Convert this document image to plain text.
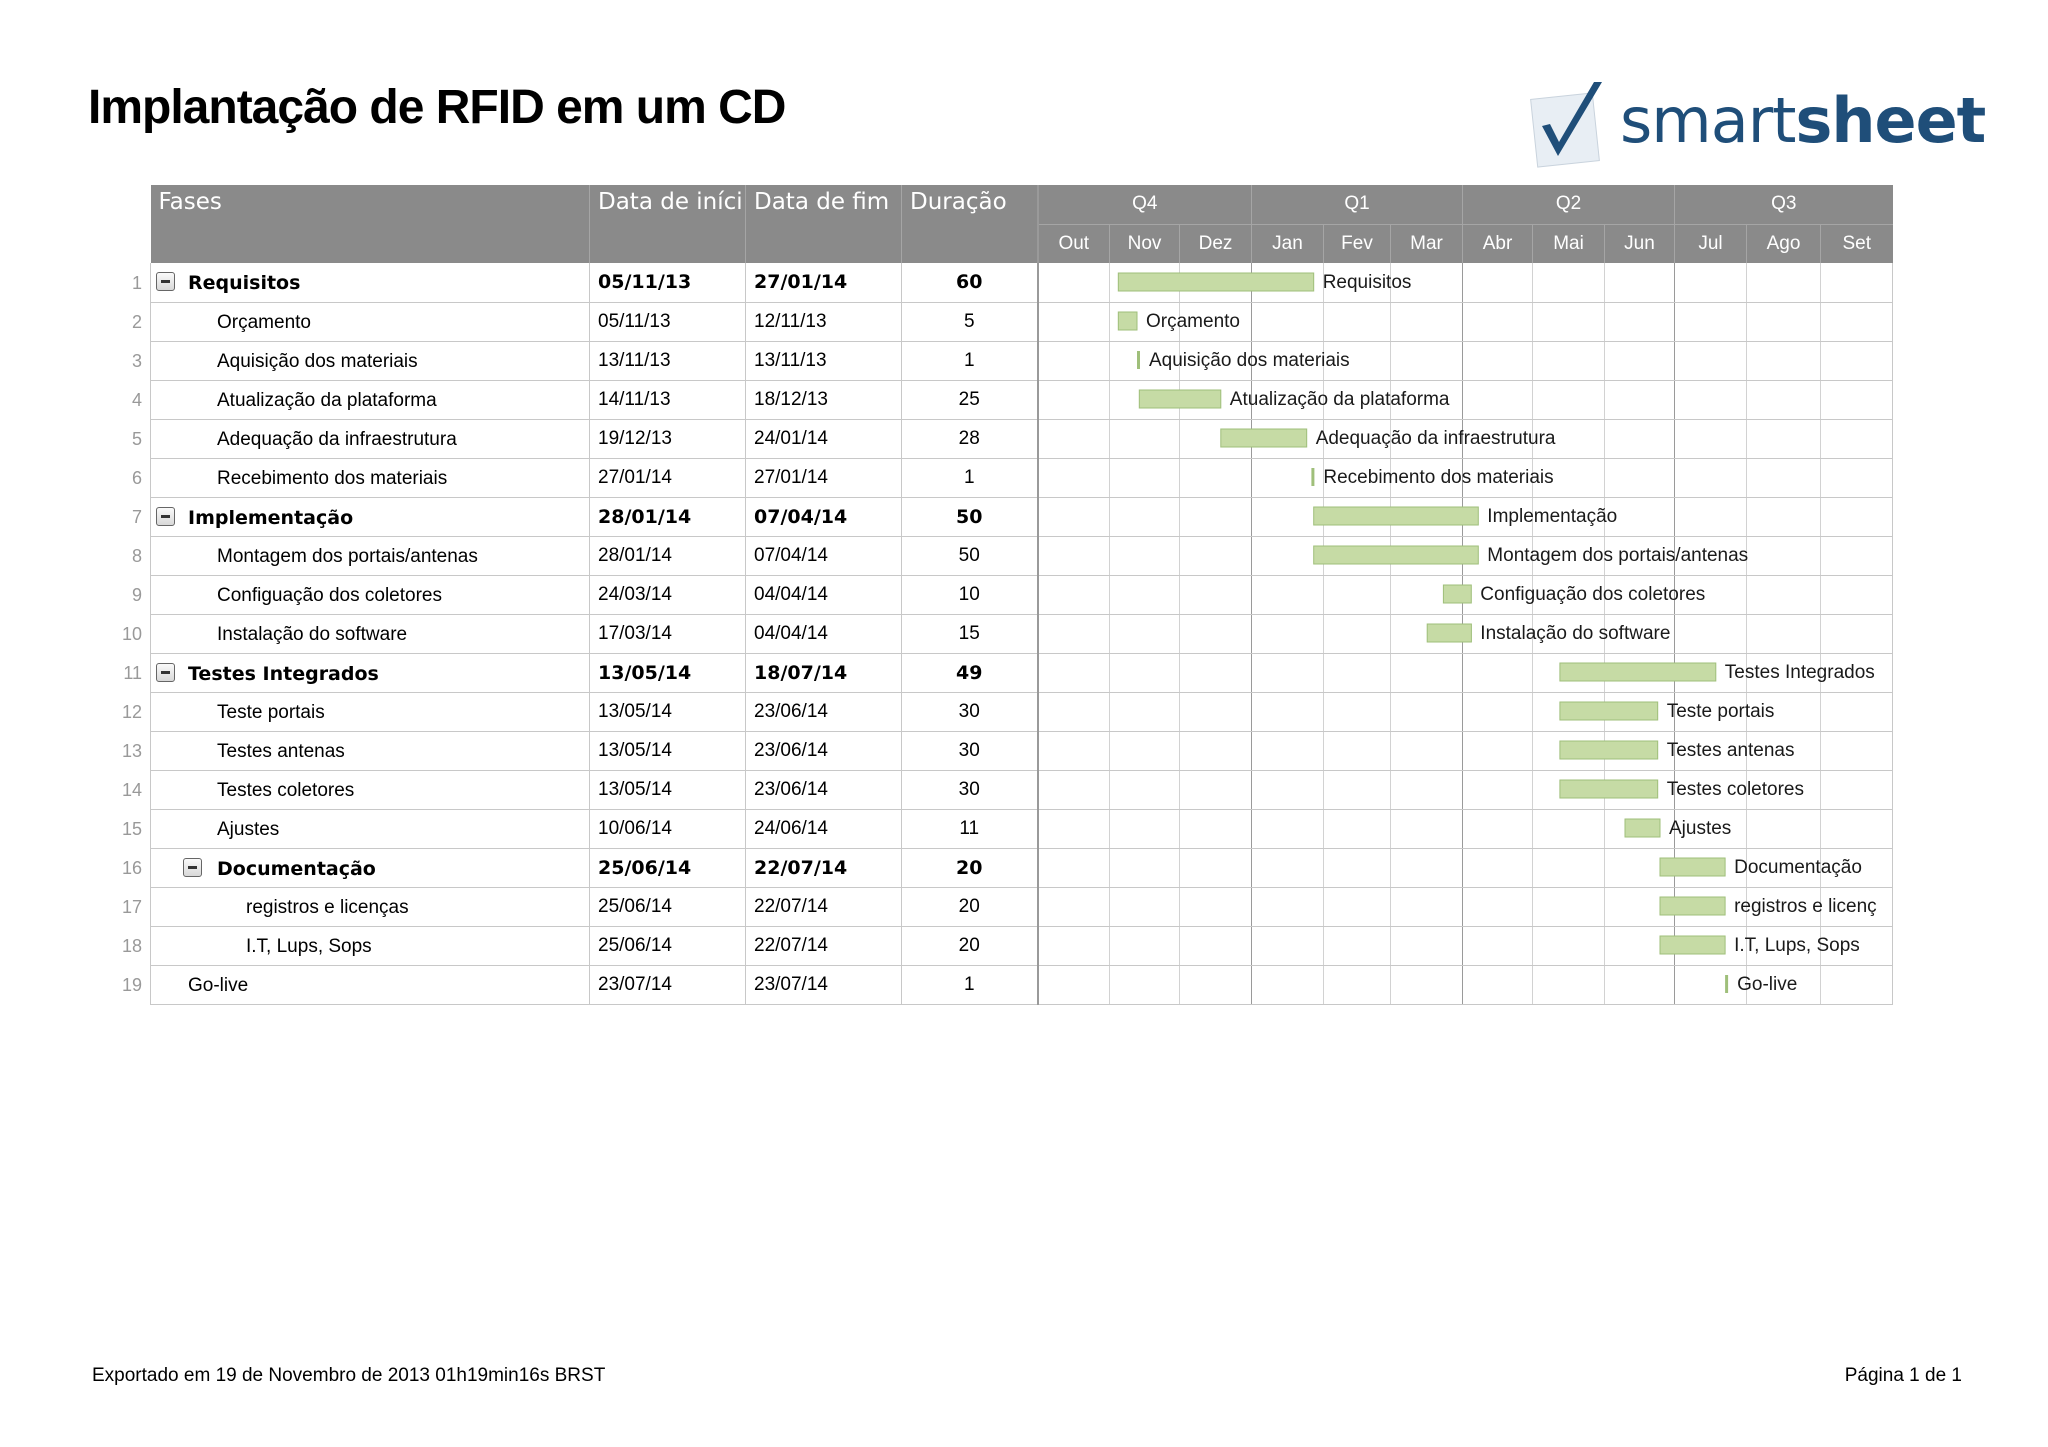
Implantação de RFID em um CD	smartsheet
Fases	Data de iníci	Data de fim	Duração	Q4			Q1			Q2			Q3		
				Out	Nov	Dez	Jan	Fev	Mar	Abr	Mai	Jun	Jul	Ago	Set

Requisitos	05/11/13	27/01/14	60												

Orçamento	05/11/13	12/11/13	5												

Aquisição dos materiais	13/11/13	13/11/13	1												

Atualização da plataforma	14/11/13	18/12/13	25												

Adequação da infraestrutura	19/12/13	24/01/14	28												

Recebimento dos materiais	27/01/14	27/01/14	1												

Implementação	28/01/14	07/04/14	50												

Montagem dos portais/antenas	28/01/14	07/04/14	50												

Configuação dos coletores	24/03/14	04/04/14	10												

Instalação do software	17/03/14	04/04/14	15												

Testes Integrados	13/05/14	18/07/14	49												

Teste portais	13/05/14	23/06/14	30												

Testes antenas	13/05/14	23/06/14	30												

Testes coletores	13/05/14	23/06/14	30												

Ajustes	10/06/14	24/06/14	11												

Documentação	25/06/14	22/07/14	20												

registros e licenças	25/06/14	22/07/14	20												

I.T, Lups, Sops	25/06/14	22/07/14	20												

Go-live	23/07/14	23/07/14	1												
1
2
3
4
5
6
7
8
9
10
11
12
13
14
15
16
17
18
19
Requisitos
Orçamento
Aquisição dos materiais
Atualização da plataforma
Adequação da infraestrutura
Recebimento dos materiais
Implementação
Montagem dos portais/antenas
Configuação dos coletores
Instalação do software
Testes Integrados
Teste portais
Testes antenas
Testes coletores
Ajustes
Documentação
registros e licenç
I.T, Lups, Sops
Go-live
Exportado em 19 de Novembro de 2013 01h19min16s BRST	Página 1 de 1
